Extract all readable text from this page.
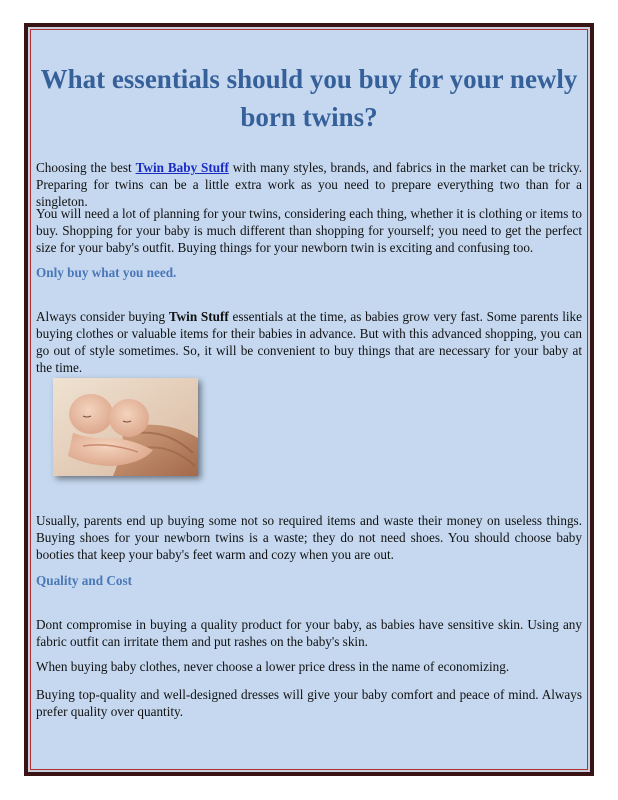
What essentials should you buy for your newly born twins?

Choosing the best Twin Baby Stuff with many styles, brands, and fabrics in the market can be tricky. Preparing for twins can be a little extra work as you need to prepare everything two than for a singleton.

You will need a lot of planning for your twins, considering each thing, whether it is clothing or items to buy. Shopping for your baby is much different than shopping for yourself; you need to get the perfect size for your baby's outfit. Buying things for your newborn twin is exciting and confusing too.

Only buy what you need.

Always consider buying Twin Stuff essentials at the time, as babies grow very fast. Some parents like buying clothes or valuable items for their babies in advance. But with this advanced shopping, you can go out of style sometimes. So, it will be convenient to buy things that are necessary for your baby at the time.

Usually, parents end up buying some not so required items and waste their money on useless things. Buying shoes for your newborn twins is a waste; they do not need shoes. You should choose baby booties that keep your baby's feet warm and cozy when you are out.

Quality and Cost

Dont compromise in buying a quality product for your baby, as babies have sensitive skin. Using any fabric outfit can irritate them and put rashes on the baby's skin.

When buying baby clothes, never choose a lower price dress in the name of economizing.

Buying top-quality and well-designed dresses will give your baby comfort and peace of mind. Always prefer quality over quantity.
